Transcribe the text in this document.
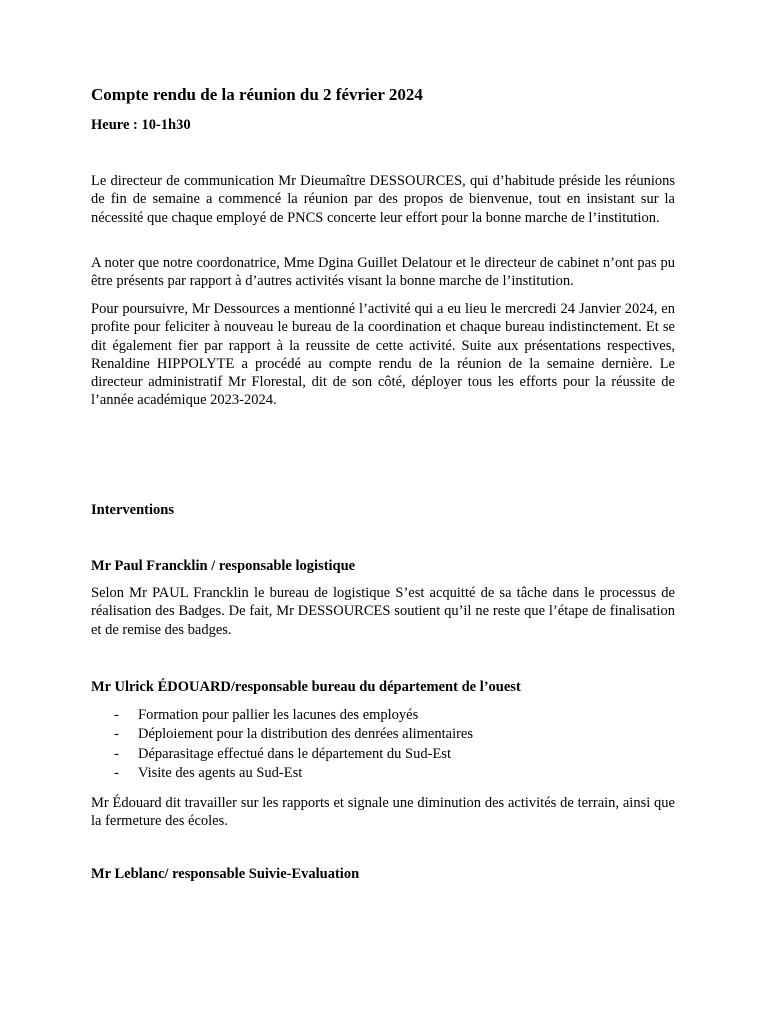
Compte rendu de la réunion du 2 février 2024
Heure : 10-1h30

Le directeur de communication Mr Dieumaître DESSOURCES, qui d’habitude préside les réunions de fin de semaine a commencé la réunion par des propos de bienvenue, tout en insistant sur la nécessité que chaque employé de PNCS concerte leur effort pour la bonne marche de l’institution.

A noter que notre coordonatrice, Mme Dgina Guillet Delatour et le directeur de cabinet n’ont pas pu être présents par rapport à d’autres activités visant la bonne marche de l’institution.

Pour poursuivre, Mr Dessources a mentionné l’activité qui a eu lieu le mercredi 24 Janvier 2024, en profite pour feliciter à nouveau le bureau de la coordination et chaque bureau indistinctement. Et se dit également fier par rapport à la reussite de cette activité. Suite aux présentations respectives, Renaldine HIPPOLYTE a procédé au compte rendu de la réunion de la semaine dernière. Le directeur administratif Mr Florestal, dit de son côté, déployer tous les efforts pour la réussite de l’année académique 2023-2024.

Interventions
Mr Paul Francklin / responsable logistique

Selon Mr PAUL Francklin le bureau de logistique S’est acquitté de sa tâche dans le processus de réalisation des Badges. De fait, Mr DESSOURCES soutient qu’il ne reste que l’étape de finalisation et de remise des badges.

Mr Ulrick ÉDOUARD/responsable bureau du département de l’ouest
- Formation pour pallier les lacunes des employés
- Déploiement pour la distribution des denrées alimentaires
- Déparasitage effectué dans le département du Sud-Est
- Visite des agents au Sud-Est

Mr Édouard dit travailler sur les rapports et signale une diminution des activités de terrain, ainsi que la fermeture des écoles.

Mr Leblanc/ responsable Suivie-Evaluation
